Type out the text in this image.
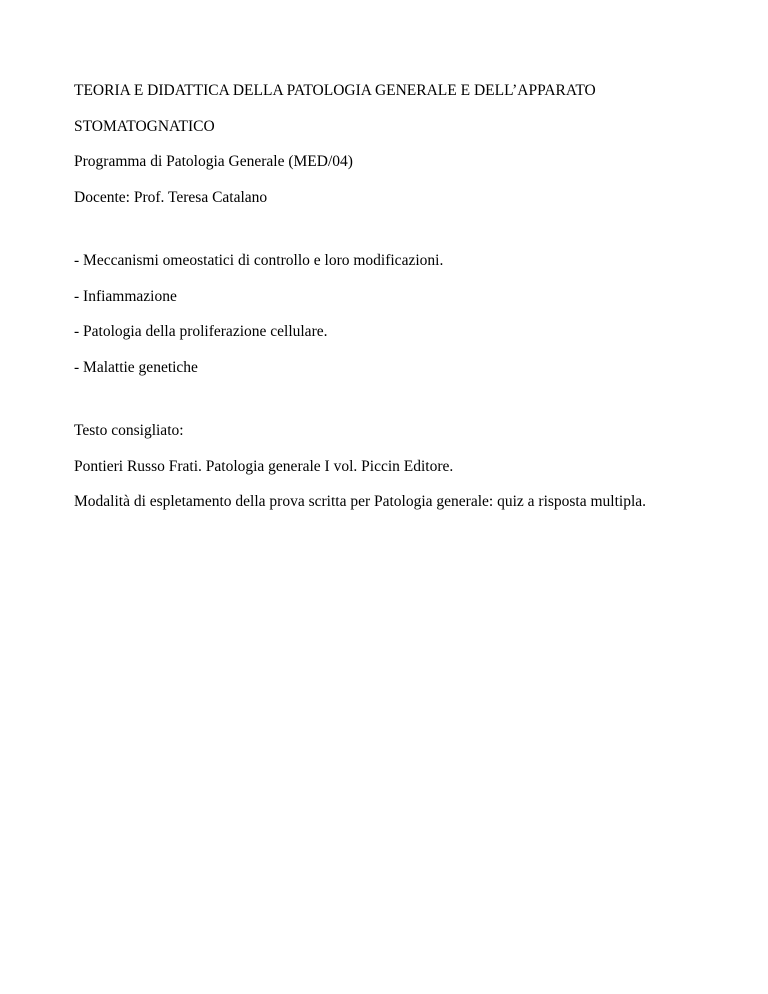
TEORIA E DIDATTICA DELLA PATOLOGIA GENERALE E DELL’APPARATO

STOMATOGNATICO

Programma di Patologia Generale (MED/04)

Docente: Prof. Teresa Catalano

- Meccanismi omeostatici di controllo e loro modificazioni.

- Infiammazione

- Patologia della proliferazione cellulare.

- Malattie genetiche

Testo consigliato:

Pontieri Russo Frati. Patologia generale I vol. Piccin Editore.

Modalità di espletamento della prova scritta per Patologia generale: quiz a risposta multipla.
